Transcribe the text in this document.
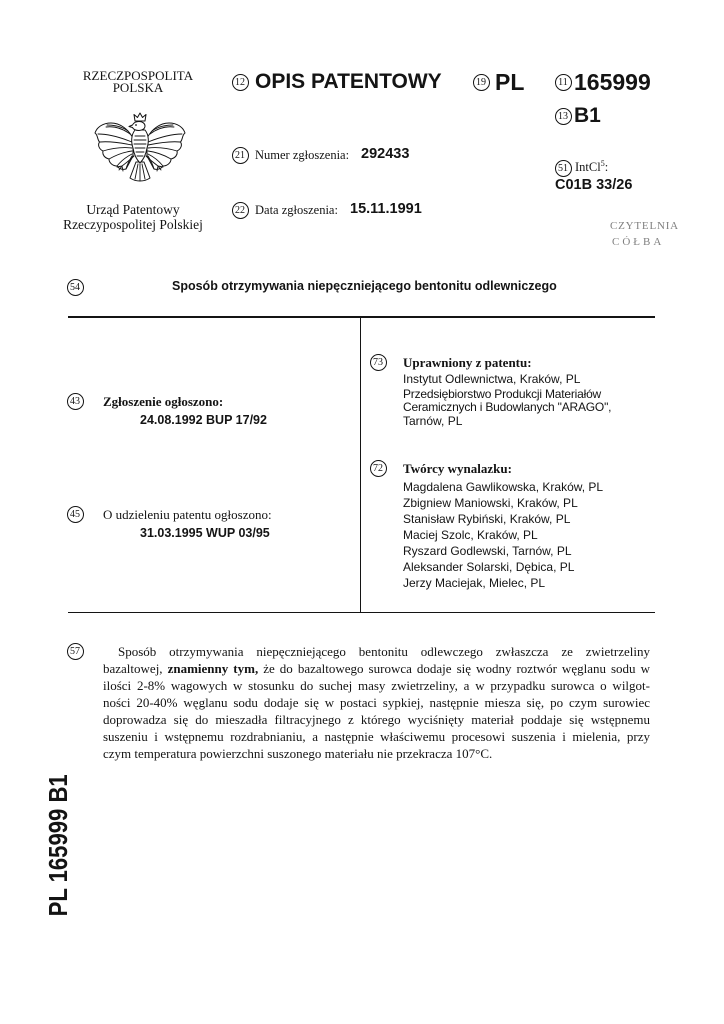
RZECZPOSPOLITA
POLSKA
Urząd Patentowy
Rzeczypospolitej Polskiej
12 OPIS PATENTOWY	19 PL	11 165999
13 B1
21 Numer zgłoszenia: 292433
51 IntCl$^5$:
C01B 33/26
22 Data zgłoszenia: 15.11.1991
CZYTELNIA
CÓŁBA
54	Sposób otrzymywania niepęczniejącego bentonitu odlewniczego
43 Zgłoszenie ogłoszono:
24.08.1992 BUP 17/92
45 O udzieleniu patentu ogłoszono:
31.03.1995 WUP 03/95
73 Uprawniony z patentu:
Instytut Odlewnictwa, Kraków, PL
Przedsiębiorstwo Produkcji Materiałów
Ceramicznych i Budowlanych "ARAGO",
Tarnów, PL
72 Twórcy wynalazku:
Magdalena Gawlikowska, Kraków, PL
Zbigniew Maniowski, Kraków, PL
Stanisław Rybiński, Kraków, PL
Maciej Szolc, Kraków, PL
Ryszard Godlewski, Tarnów, PL
Aleksander Solarski, Dębica, PL
Jerzy Maciejak, Mielec, PL
57	Sposób otrzymywania niepęczniejącego bentonitu odlewczego zwłaszcza ze zwietrzeliny
bazaltowej, znamienny tym, że do bazaltowego surowca dodaje się wodny roztwór węglanu sodu w
ilości 2-8% wagowych w stosunku do suchej masy zwietrzeliny, a w przypadku surowca o wilgot-
ności 20-40% węglanu sodu dodaje się w postaci sypkiej, następnie miesza się, po czym surowiec
doprowadza się do mieszadła filtracyjnego z którego wyciśnięty materiał poddaje się wstępnemu
suszeniu i wstępnemu rozdrabnianiu, a następnie właściwemu procesowi suszenia i mielenia, przy
czym temperatura powierzchni suszonego materiału nie przekracza 107°C.
PL 165999 B1
